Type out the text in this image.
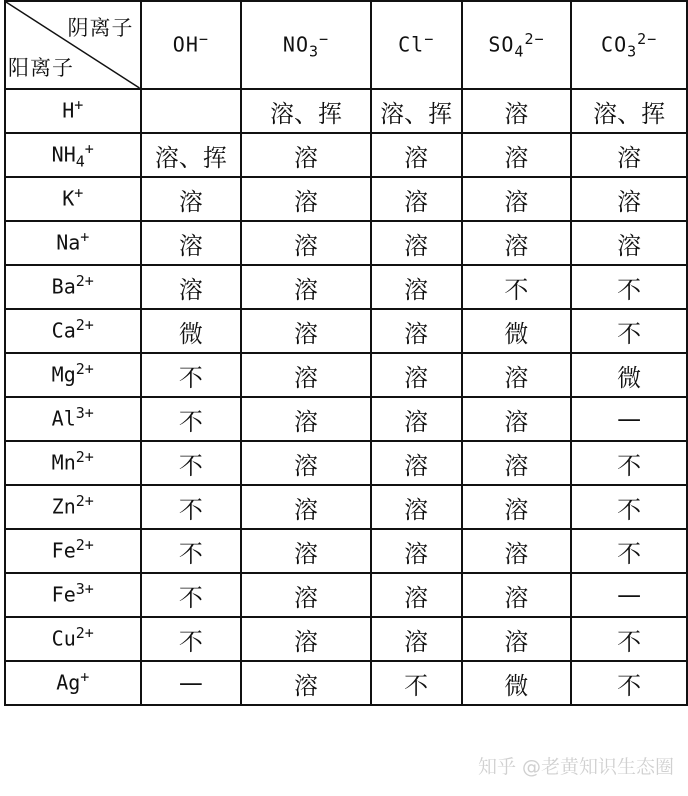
阴离子
阳离子	OH−	$NO_3^-$	Cl−	$SO_4^{2-}$	$CO_3^{2-}$
H+		溶、挥	溶、挥	溶	溶、挥
$NH_4^+$	溶、挥	溶	溶	溶	溶
K+	溶	溶	溶	溶	溶
Na+	溶	溶	溶	溶	溶
$Ba^{2+}$	溶	溶	溶	不	不
$Ca^{2+}$	微	溶	溶	微	不
$Mg^{2+}$	不	溶	溶	溶	微
$Al^{3+}$	不	溶	溶	溶	—
$Mn^{2+}$	不	溶	溶	溶	不
$Zn^{2+}$	不	溶	溶	溶	不
$Fe^{2+}$	不	溶	溶	溶	不
$Fe^{3+}$	不	溶	溶	溶	—
$Cu^{2+}$	不	溶	溶	溶	不
Ag+	—	溶	不	微	不
知乎 @老黄知识生态圈
